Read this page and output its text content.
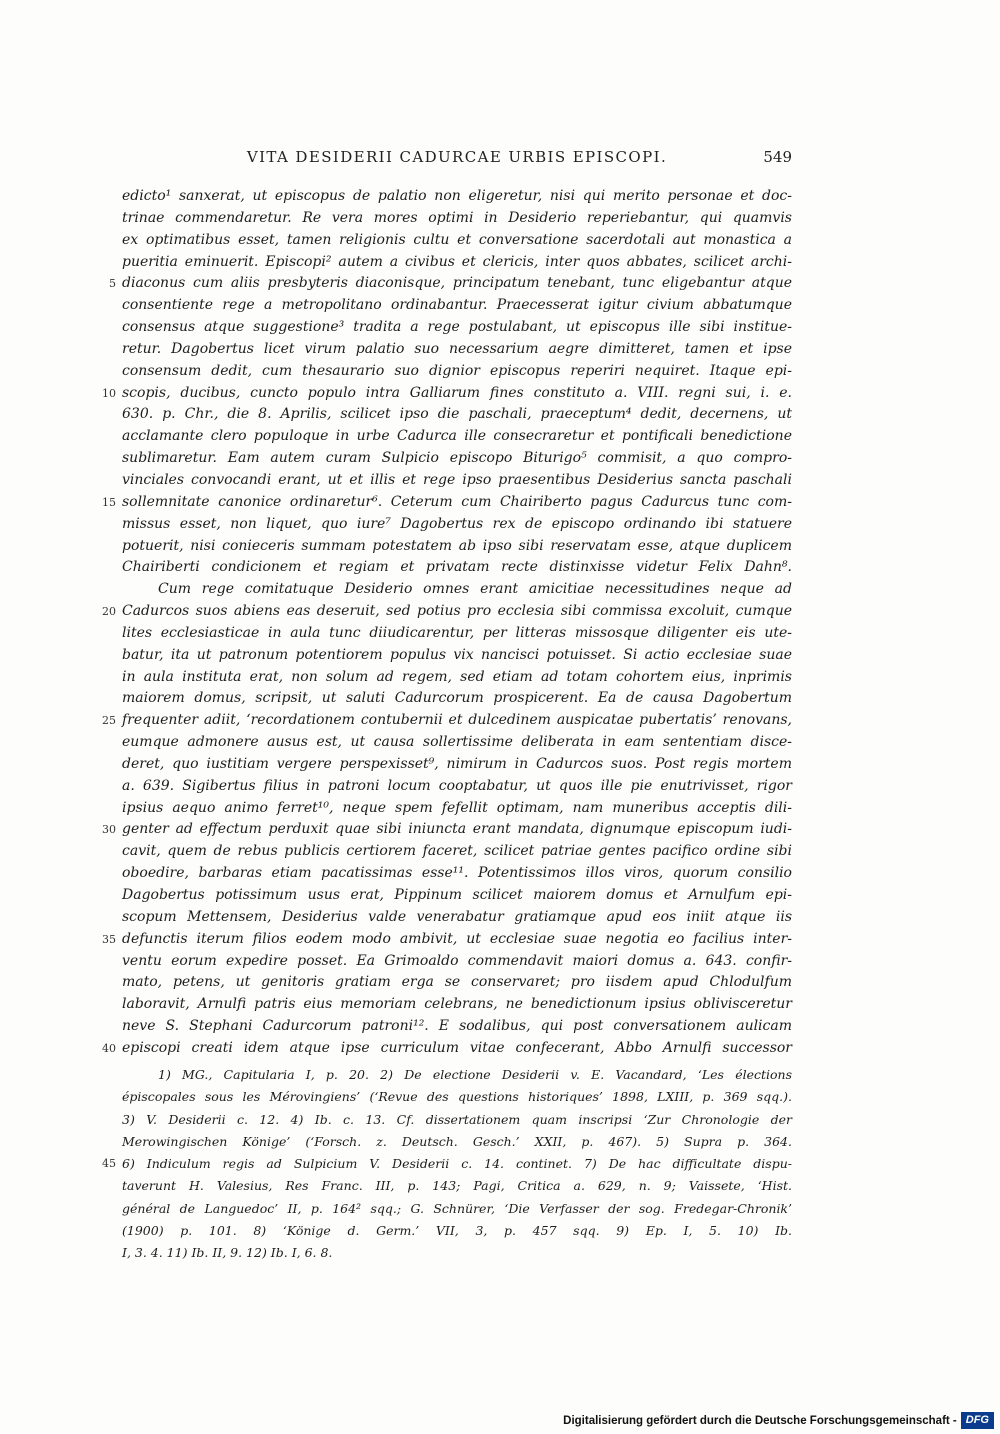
VITA DESIDERII CADURCAE URBIS EPISCOPI.	549
edicto¹ sanxerat, ut episcopus de palatio non eligeretur, nisi qui merito personae et doc-
trinae commendaretur. Re vera mores optimi in Desiderio reperiebantur, qui quamvis
ex optimatibus esset, tamen religionis cultu et conversatione sacerdotali aut monastica a
pueritia eminuerit. Episcopi² autem a civibus et clericis, inter quos abbates, scilicet archi-
5 diaconus cum aliis presbyteris diaconisque, principatum tenebant, tunc eligebantur atque
consentiente rege a metropolitano ordinabantur. Praecesserat igitur civium abbatumque
consensus atque suggestione³ tradita a rege postulabant, ut episcopus ille sibi institue-
retur. Dagobertus licet virum palatio suo necessarium aegre dimitteret, tamen et ipse
consensum dedit, cum thesaurario suo dignior episcopus reperiri nequiret. Itaque epi-
10 scopis, ducibus, cuncto populo intra Galliarum fines constituto a. VIII. regni sui, i. e.
630. p. Chr., die 8. Aprilis, scilicet ipso die paschali, praeceptum⁴ dedit, decernens, ut
acclamante clero populoque in urbe Cadurca ille consecraretur et pontificali benedictione
sublimaretur. Eam autem curam Sulpicio episcopo Biturigo⁵ commisit, a quo compro-
vinciales convocandi erant, ut et illis et rege ipso praesentibus Desiderius sancta paschali
15 sollemnitate canonice ordinaretur⁶. Ceterum cum Chairiberto pagus Cadurcus tunc com-
missus esset, non liquet, quo iure⁷ Dagobertus rex de episcopo ordinando ibi statuere
potuerit, nisi conieceris summam potestatem ab ipso sibi reservatam esse, atque duplicem
Chairiberti condicionem et regiam et privatam recte distinxisse videtur Felix Dahn⁸.
Cum rege comitatuque Desiderio omnes erant amicitiae necessitudines neque ad
20 Cadurcos suos abiens eas deseruit, sed potius pro ecclesia sibi commissa excoluit, cumque
lites ecclesiasticae in aula tunc diiudicarentur, per litteras missosque diligenter eis ute-
batur, ita ut patronum potentiorem populus vix nancisci potuisset. Si actio ecclesiae suae
in aula instituta erat, non solum ad regem, sed etiam ad totam cohortem eius, inprimis
maiorem domus, scripsit, ut saluti Cadurcorum prospicerent. Ea de causa Dagobertum
25 frequenter adiit, ‘recordationem contubernii et dulcedinem auspicatae pubertatis’ renovans,
eumque admonere ausus est, ut causa sollertissime deliberata in eam sententiam disce-
deret, quo iustitiam vergere perspexisset⁹, nimirum in Cadurcos suos. Post regis mortem
a. 639. Sigibertus filius in patroni locum cooptabatur, ut quos ille pie enutrivisset, rigor
ipsius aequo animo ferret¹⁰, neque spem fefellit optimam, nam muneribus acceptis dili-
30 genter ad effectum perduxit quae sibi iniuncta erant mandata, dignumque episcopum iudi-
cavit, quem de rebus publicis certiorem faceret, scilicet patriae gentes pacifico ordine sibi
oboedire, barbaras etiam pacatissimas esse¹¹. Potentissimos illos viros, quorum consilio
Dagobertus potissimum usus erat, Pippinum scilicet maiorem domus et Arnulfum epi-
scopum Mettensem, Desiderius valde venerabatur gratiamque apud eos iniit atque iis
35 defunctis iterum filios eodem modo ambivit, ut ecclesiae suae negotia eo facilius inter-
ventu eorum expedire posset. Ea Grimoaldo commendavit maiori domus a. 643. confir-
mato, petens, ut genitoris gratiam erga se conservaret; pro iisdem apud Chlodulfum
laboravit, Arnulfi patris eius memoriam celebrans, ne benedictionum ipsius oblivisceretur
neve S. Stephani Cadurcorum patroni¹². E sodalibus, qui post conversationem aulicam
40 episcopi creati idem atque ipse curriculum vitae confecerant, Abbo Arnulfi successor
1) MG., Capitularia I, p. 20. 2) De electione Desiderii v. E. Vacandard, ‘Les élections
épiscopales sous les Mérovingiens’ (‘Revue des questions historiques’ 1898, LXIII, p. 369 sqq.).
3) V. Desiderii c. 12. 4) Ib. c. 13. Cf. dissertationem quam inscripsi ‘Zur Chronologie der
Merowingischen Könige’ (‘Forsch. z. Deutsch. Gesch.’ XXII, p. 467). 5) Supra p. 364.
45 6) Indiculum regis ad Sulpicium V. Desiderii c. 14. continet. 7) De hac difficultate dispu-
taverunt H. Valesius, Res Franc. III, p. 143; Pagi, Critica a. 629, n. 9; Vaissete, ‘Hist.
général de Languedoc’ II, p. 164² sqq.; G. Schnürer, ‘Die Verfasser der sog. Fredegar-Chronik’
(1900) p. 101. 8) ‘Könige d. Germ.’ VII, 3, p. 457 sqq. 9) Ep. I, 5. 10) Ib.
I, 3. 4. 11) Ib. II, 9. 12) Ib. I, 6. 8.
Digitalisierung gefördert durch die Deutsche Forschungsgemeinschaft - DFG
